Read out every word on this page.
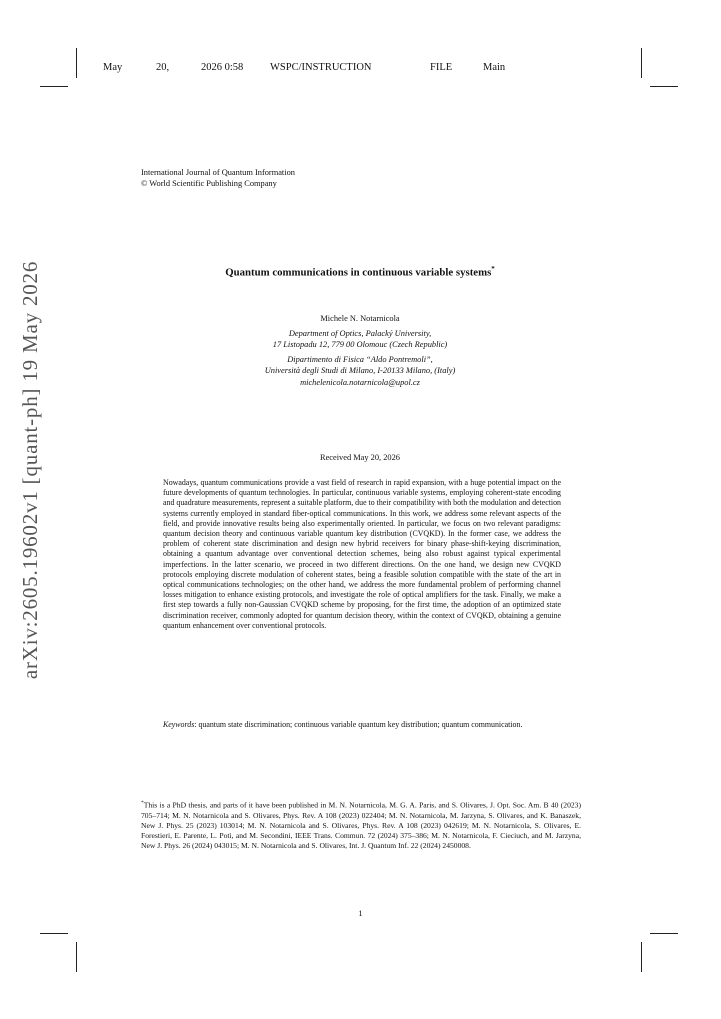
May	20,	2026 0:58	WSPC/INSTRUCTION	FILE	Main
arXiv:2605.19602v1 [quant-ph] 19 May 2026
International Journal of Quantum Information
© World Scientific Publishing Company
Quantum communications in continuous variable systems*
Michele N. Notarnicola
Department of Optics, Palacký University,
17 Listopadu 12, 779 00 Olomouc (Czech Republic)
Dipartimento di Fisica “Aldo Pontremoli”,
Università degli Studi di Milano, I-20133 Milano, (Italy)
michelenicola.notarnicola@upol.cz
Received May 20, 2026
Nowadays, quantum communications provide a vast field of research in rapid expansion, with a huge potential impact on the future developments of quantum technologies. In particular, continuous variable systems, employing coherent-state encoding and quadrature measurements, represent a suitable platform, due to their compatibility with both the modulation and detection systems currently employed in standard fiber-optical communications. In this work, we address some relevant aspects of the field, and provide innovative results being also experimentally oriented. In particular, we focus on two relevant paradigms: quantum decision theory and continuous variable quantum key distribution (CVQKD). In the former case, we address the problem of coherent state discrimination and design new hybrid receivers for binary phase-shift-keying discrimination, obtaining a quantum advantage over conventional detection schemes, being also robust against typical experimental imperfections. In the latter scenario, we proceed in two different directions. On the one hand, we design new CVQKD protocols employing discrete modulation of coherent states, being a feasible solution compatible with the state of the art in optical communications technologies; on the other hand, we address the more fundamental problem of performing channel losses mitigation to enhance existing protocols, and investigate the role of optical amplifiers for the task. Finally, we make a first step towards a fully non-Gaussian CVQKD scheme by proposing, for the first time, the adoption of an optimized state discrimination receiver, commonly adopted for quantum decision theory, within the context of CVQKD, obtaining a genuine quantum enhancement over conventional protocols.
Keywords: quantum state discrimination; continuous variable quantum key distribution; quantum communication.
*This is a PhD thesis, and parts of it have been published in M. N. Notarnicola, M. G. A. Paris, and S. Olivares, J. Opt. Soc. Am. B 40 (2023) 705–714; M. N. Notarnicola and S. Olivares, Phys. Rev. A 108 (2023) 022404; M. N. Notarnicola, M. Jarzyna, S. Olivares, and K. Banaszek, New J. Phys. 25 (2023) 103014; M. N. Notarnicola and S. Olivares, Phys. Rev. A 108 (2023) 042619; M. N. Notarnicola, S. Olivares, E. Forestieri, E. Parente, L. Potì, and M. Secondini, IEEE Trans. Commun. 72 (2024) 375–386; M. N. Notarnicola, F. Cieciuch, and M. Jarzyna, New J. Phys. 26 (2024) 043015; M. N. Notarnicola and S. Olivares, Int. J. Quantum Inf. 22 (2024) 2450008.
1
